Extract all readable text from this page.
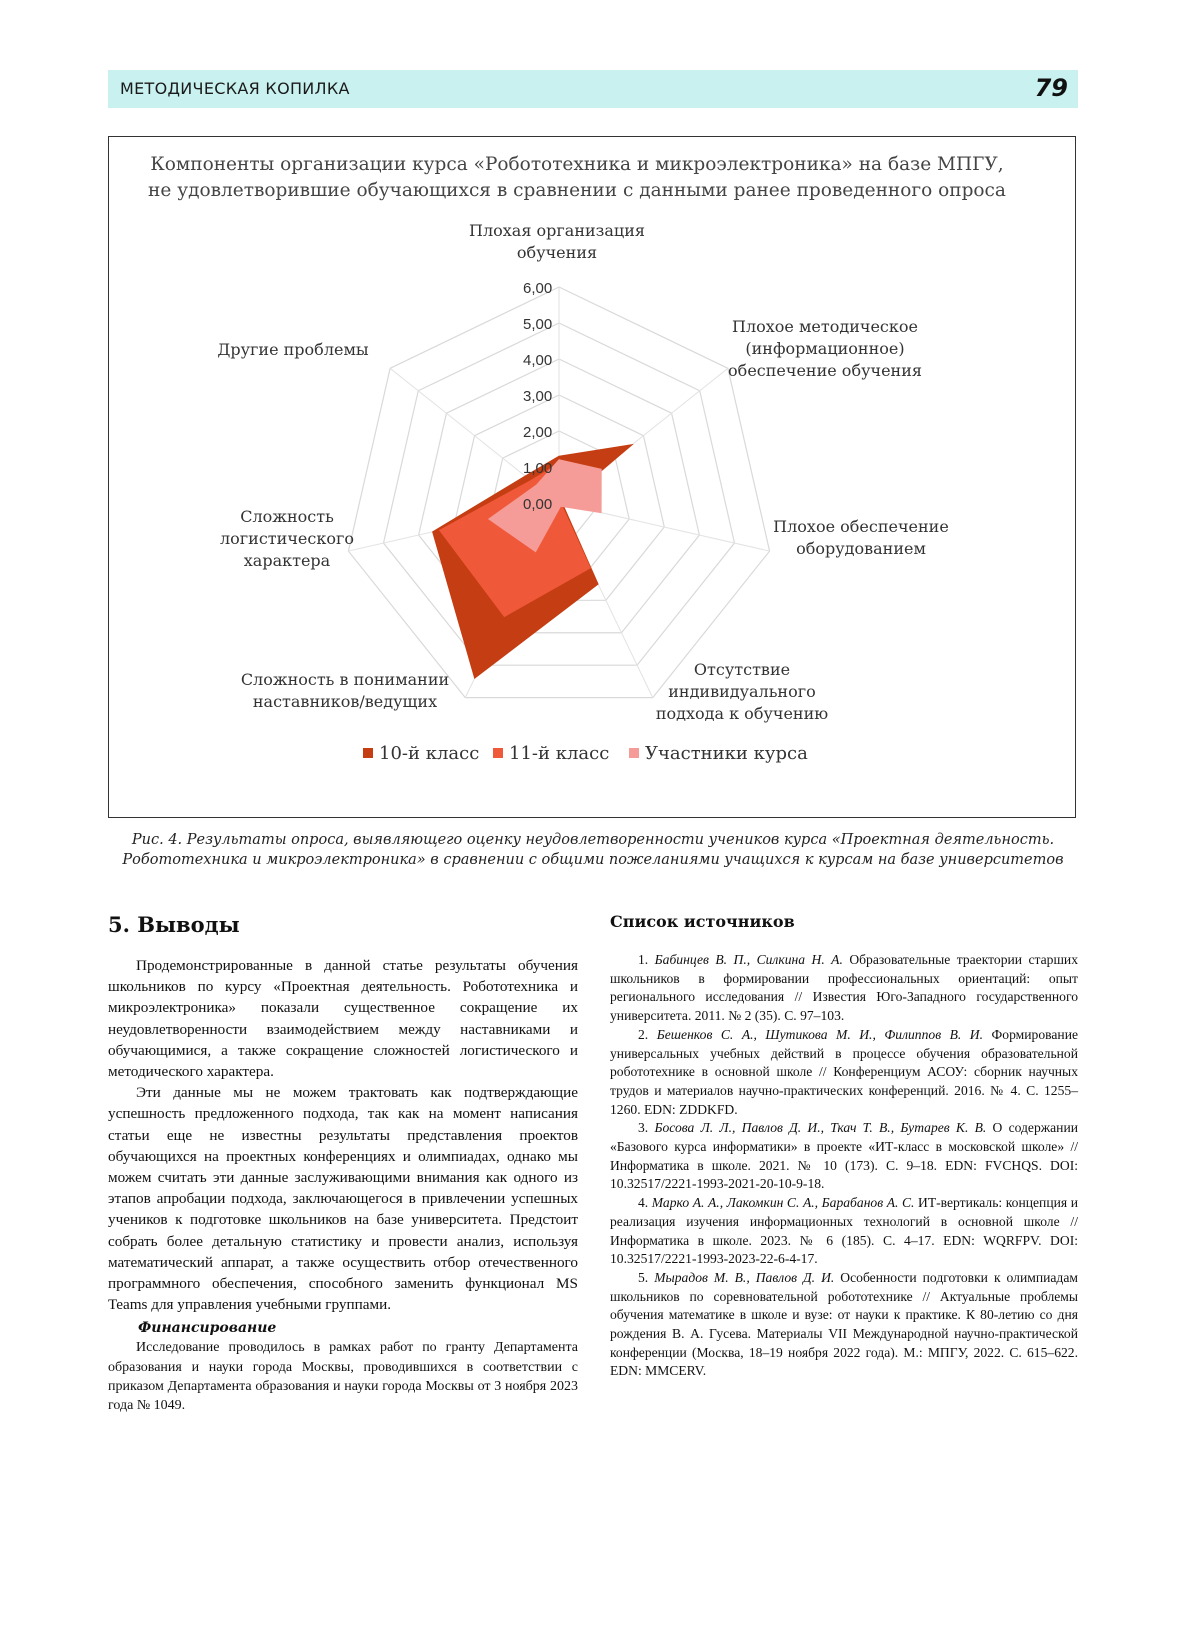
МЕТОДИЧЕСКАЯ КОПИЛКА	79
Компоненты организации курса «Робототехника и микроэлектроника» на базе МПГУ,
не удовлетворившие обучающихся в сравнении с данными ранее проведенного опроса
0,00
1,00
2,00
3,00
4,00
5,00
6,00
Плохая организация
обучения
Плохое методическое
(информационное)
обеспечение обучения
Плохое обеспечение
оборудованием
Отсутствие
индивидуального
подхода к обучению
Сложность в понимании
наставников/ведущих
Сложность
логистического
характера
Другие проблемы
10-й класс 11-й класс Участники курса
Рис. 4. Результаты опроса, выявляющего оценку неудовлетворенности учеников курса «Проектная деятельность.
Робототехника и микроэлектроника» в сравнении с общими пожеланиями учащихся к курсам на базе университетов
5. Выводы

Продемонстрированные в данной статье результаты обучения школьников по курсу «Проектная деятельность. Робототехника и микроэлектроника» показали существенное сокращение их неудовлетворенности взаимодействием между наставниками и обучающимися, а также сокращение сложностей логистического и методического характера.

Эти данные мы не можем трактовать как подтверждающие успешность предложенного подхода, так как на момент написания статьи еще не известны результаты представления проектов обучающихся на проектных конференциях и олимпиадах, однако мы можем считать эти данные заслуживающими внимания как одного из этапов апробации подхода, заключающегося в привлечении успешных учеников к подготовке школьников на базе университета. Предстоит собрать более детальную статистику и провести анализ, используя математический аппарат, а также осуществить отбор отечественного программного обеспечения, способного заменить функционал MS Teams для управления учебными группами.

Финансирование

Исследование проводилось в рамках работ по гранту Департамента образования и науки города Москвы, проводившихся в соответствии с приказом Департамента образования и науки города Москвы от 3 ноября 2023 года № 1049.

Список источников

1. Бабинцев В. П., Силкина Н. А. Образовательные траектории старших школьников в формировании профессиональных ориентаций: опыт регионального исследования // Известия Юго-Западного государственного университета. 2011. № 2 (35). С. 97–103.

2. Бешенков С. А., Шутикова М. И., Филиппов В. И. Формирование универсальных учебных действий в процессе обучения образовательной робототехнике в основной школе // Конференциум АСОУ: сборник научных трудов и материалов научно-практических конференций. 2016. № 4. С. 1255–1260. EDN: ZDDKFD.

3. Босова Л. Л., Павлов Д. И., Ткач Т. В., Бутарев К. В. О содержании «Базового курса информатики» в проекте «ИТ-класс в московской школе» // Информатика в школе. 2021. № 10 (173). С. 9–18. EDN: FVCHQS. DOI: 10.32517/2221-1993-2021-20-10-9-18.

4. Марко А. А., Лакомкин С. А., Барабанов А. С. ИТ-вертикаль: концепция и реализация изучения информационных технологий в основной школе // Информатика в школе. 2023. № 6 (185). С. 4–17. EDN: WQRFPV. DOI: 10.32517/2221-1993-2023-22-6-4-17.

5. Мырадов М. В., Павлов Д. И. Особенности подготовки к олимпиадам школьников по соревновательной робототехнике // Актуальные проблемы обучения математике в школе и вузе: от науки к практике. К 80-летию со дня рождения В. А. Гусева. Материалы VII Международной научно-практической конференции (Москва, 18–19 ноября 2022 года). М.: МПГУ, 2022. С. 615–622. EDN: MMCERV.
